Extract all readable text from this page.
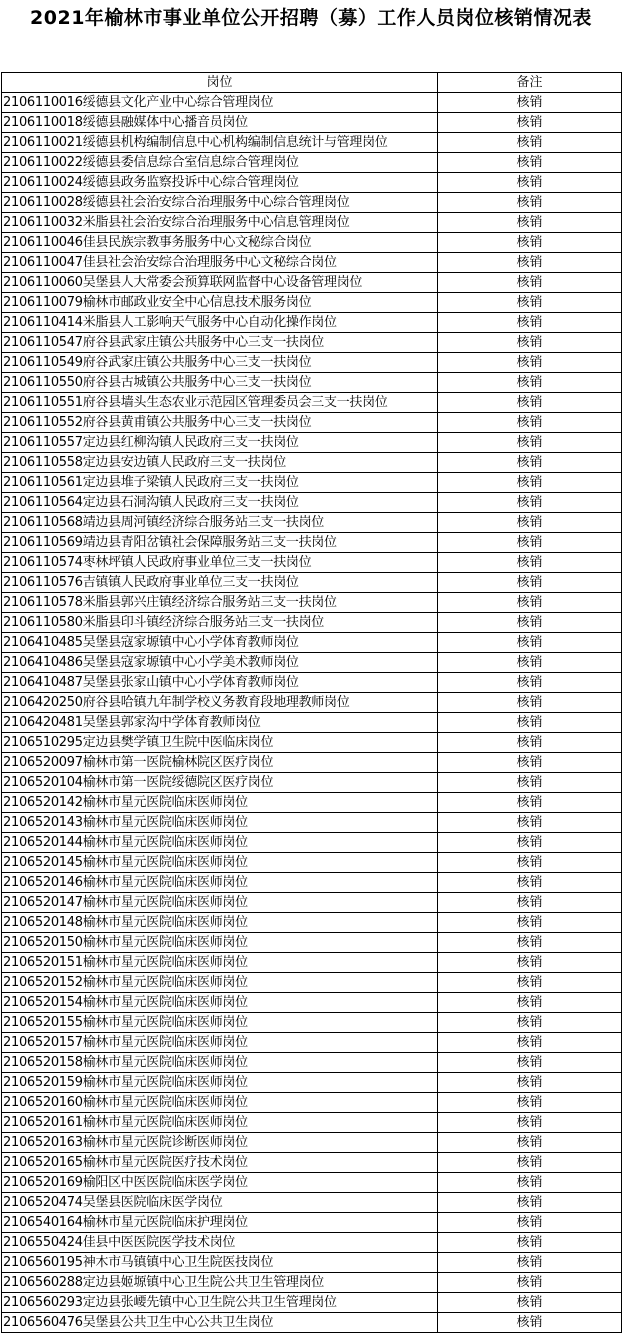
2021年榆林市事业单位公开招聘（募）工作人员岗位核销情况表
岗位	备注
2106110016绥德县文化产业中心综合管理岗位	核销
2106110018绥德县融媒体中心播音员岗位	核销
2106110021绥德县机构编制信息中心机构编制信息统计与管理岗位	核销
2106110022绥德县委信息综合室信息综合管理岗位	核销
2106110024绥德县政务监察投诉中心综合管理岗位	核销
2106110028绥德县社会治安综合治理服务中心综合管理岗位	核销
2106110032米脂县社会治安综合治理服务中心信息管理岗位	核销
2106110046佳县民族宗教事务服务中心文秘综合岗位	核销
2106110047佳县社会治安综合治理服务中心文秘综合岗位	核销
2106110060吴堡县人大常委会预算联网监督中心设备管理岗位	核销
2106110079榆林市邮政业安全中心信息技术服务岗位	核销
2106110414米脂县人工影响天气服务中心自动化操作岗位	核销
2106110547府谷县武家庄镇公共服务中心三支一扶岗位	核销
2106110549府谷武家庄镇公共服务中心三支一扶岗位	核销
2106110550府谷县古城镇公共服务中心三支一扶岗位	核销
2106110551府谷县墙头生态农业示范园区管理委员会三支一扶岗位	核销
2106110552府谷县黄甫镇公共服务中心三支一扶岗位	核销
2106110557定边县红柳沟镇人民政府三支一扶岗位	核销
2106110558定边县安边镇人民政府三支一扶岗位	核销
2106110561定边县堆子梁镇人民政府三支一扶岗位	核销
2106110564定边县石洞沟镇人民政府三支一扶岗位	核销
2106110568靖边县周河镇经济综合服务站三支一扶岗位	核销
2106110569靖边县青阳岔镇社会保障服务站三支一扶岗位	核销
2106110574枣林坪镇人民政府事业单位三支一扶岗位	核销
2106110576吉镇镇人民政府事业单位三支一扶岗位	核销
2106110578米脂县郭兴庄镇经济综合服务站三支一扶岗位	核销
2106110580米脂县印斗镇经济综合服务站三支一扶岗位	核销
2106410485吴堡县寇家塬镇中心小学体育教师岗位	核销
2106410486吴堡县寇家塬镇中心小学美术教师岗位	核销
2106410487吴堡县张家山镇中心小学体育教师岗位	核销
2106420250府谷县哈镇九年制学校义务教育段地理教师岗位	核销
2106420481吴堡县郭家沟中学体育教师岗位	核销
2106510295定边县樊学镇卫生院中医临床岗位	核销
2106520097榆林市第一医院榆林院区医疗岗位	核销
2106520104榆林市第一医院绥德院区医疗岗位	核销
2106520142榆林市星元医院临床医师岗位	核销
2106520143榆林市星元医院临床医师岗位	核销
2106520144榆林市星元医院临床医师岗位	核销
2106520145榆林市星元医院临床医师岗位	核销
2106520146榆林市星元医院临床医师岗位	核销
2106520147榆林市星元医院临床医师岗位	核销
2106520148榆林市星元医院临床医师岗位	核销
2106520150榆林市星元医院临床医师岗位	核销
2106520151榆林市星元医院临床医师岗位	核销
2106520152榆林市星元医院临床医师岗位	核销
2106520154榆林市星元医院临床医师岗位	核销
2106520155榆林市星元医院临床医师岗位	核销
2106520157榆林市星元医院临床医师岗位	核销
2106520158榆林市星元医院临床医师岗位	核销
2106520159榆林市星元医院临床医师岗位	核销
2106520160榆林市星元医院临床医师岗位	核销
2106520161榆林市星元医院临床医师岗位	核销
2106520163榆林市星元医院诊断医师岗位	核销
2106520165榆林市星元医院医疗技术岗位	核销
2106520169榆阳区中医医院临床医学岗位	核销
2106520474吴堡县医院临床医学岗位	核销
2106540164榆林市星元医院临床护理岗位	核销
2106550424佳县中医医院医学技术岗位	核销
2106560195神木市马镇镇中心卫生院医技岗位	核销
2106560288定边县姬塬镇中心卫生院公共卫生管理岗位	核销
2106560293定边县张崾先镇中心卫生院公共卫生管理岗位	核销
2106560476吴堡县公共卫生中心公共卫生岗位	核销
